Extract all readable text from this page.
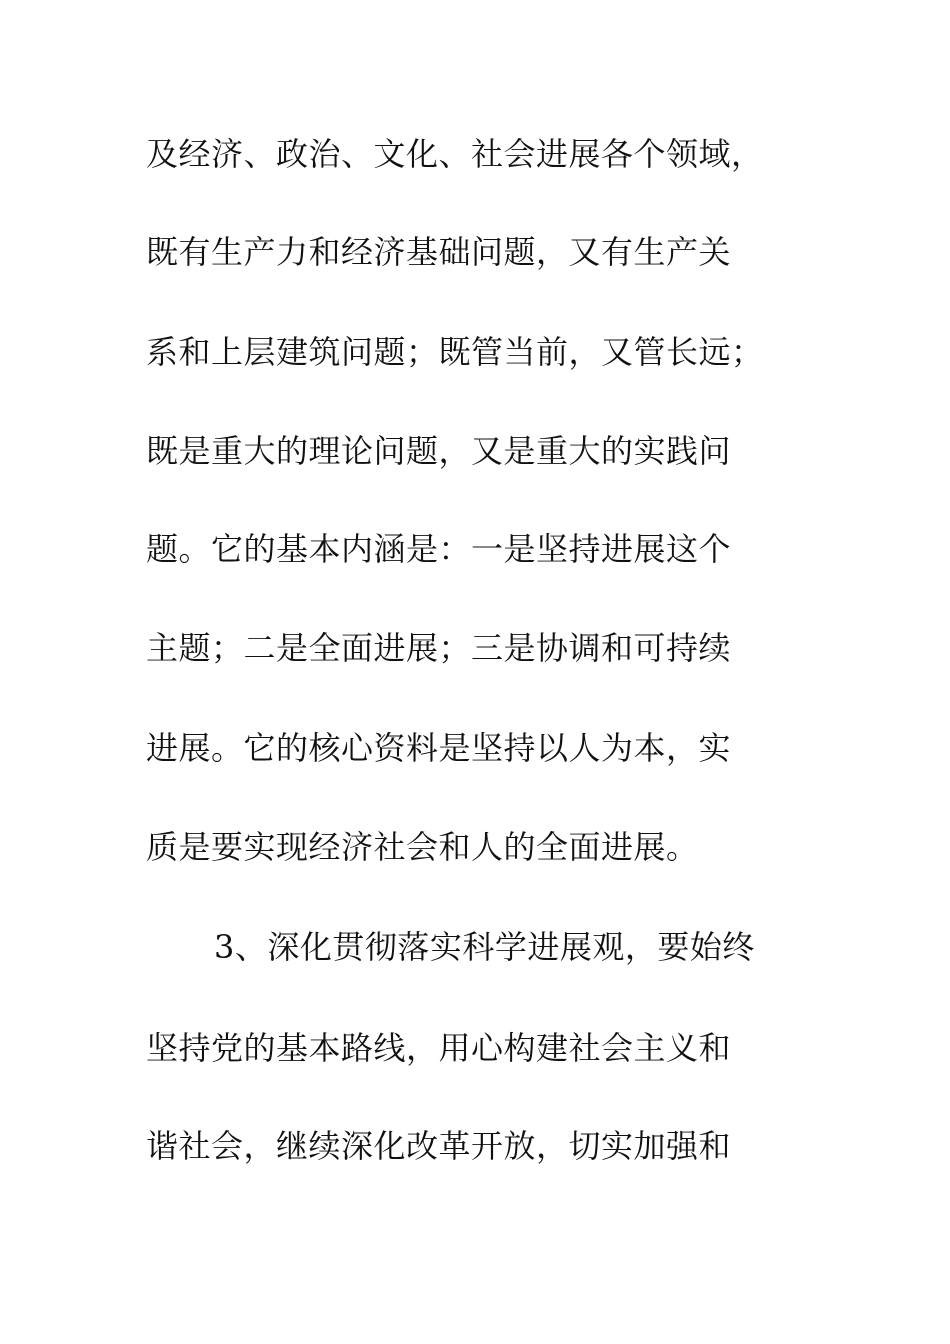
及经济、政治、文化、社会进展各个领域，

既有生产力和经济基础问题，又有生产关

系和上层建筑问题；既管当前，又管长远；

既是重大的理论问题，又是重大的实践问

题。它的基本内涵是：一是坚持进展这个

主题；二是全面进展；三是协调和可持续

进展。它的核心资料是坚持以人为本，实

质是要实现经济社会和人的全面进展。

3、深化贯彻落实科学进展观，要始终

坚持党的基本路线，用心构建社会主义和

谐社会，继续深化改革开放，切实加强和
